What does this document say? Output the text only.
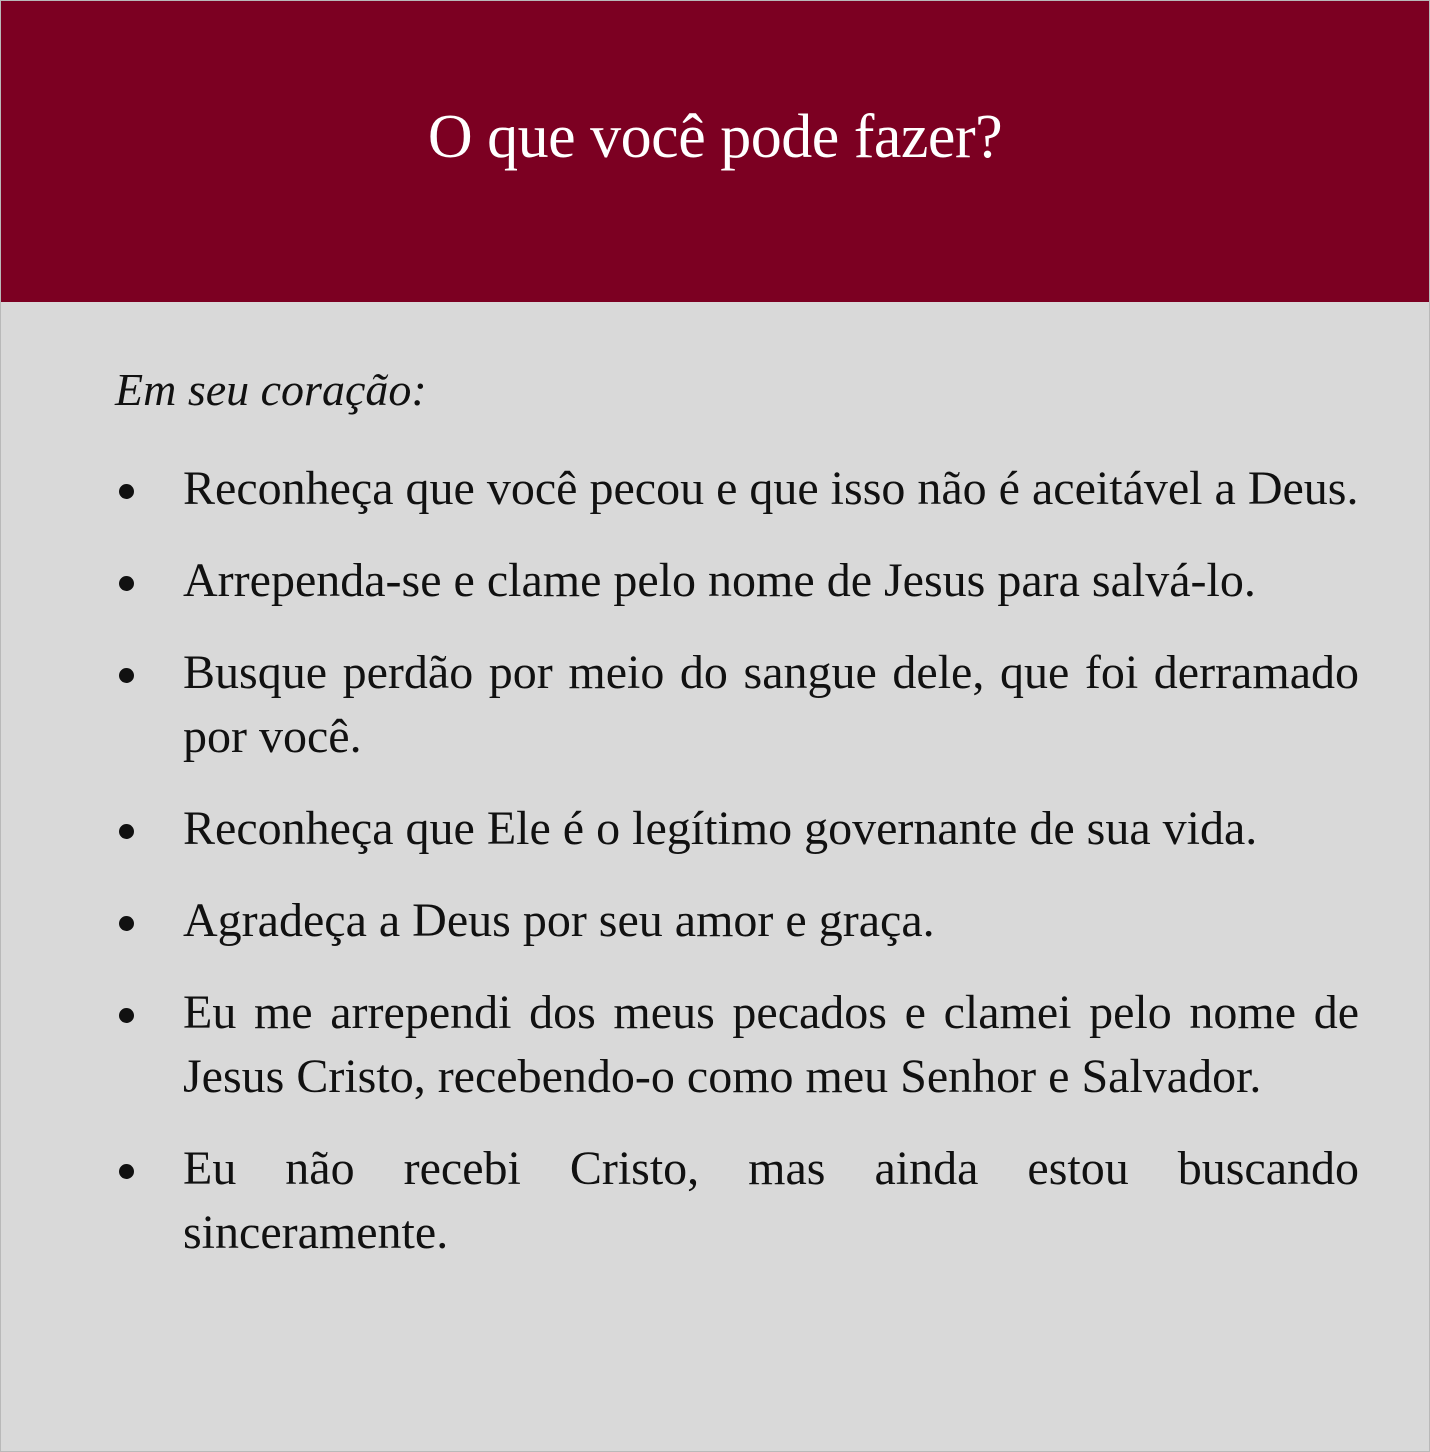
O que você pode fazer?
Em seu coração:
Reconheça que você pecou e que isso não é aceitável a Deus.
Arrependa-se e clame pelo nome de Jesus para salvá-lo.
Busque perdão por meio do sangue dele, que foi derramado por você.
Reconheça que Ele é o legítimo governante de sua vida.
Agradeça a Deus por seu amor e graça.
Eu me arrependi dos meus pecados e clamei pelo nome de Jesus Cristo, recebendo-o como meu Senhor e Salvador.
Eu não recebi Cristo, mas ainda estou buscando sinceramente.
